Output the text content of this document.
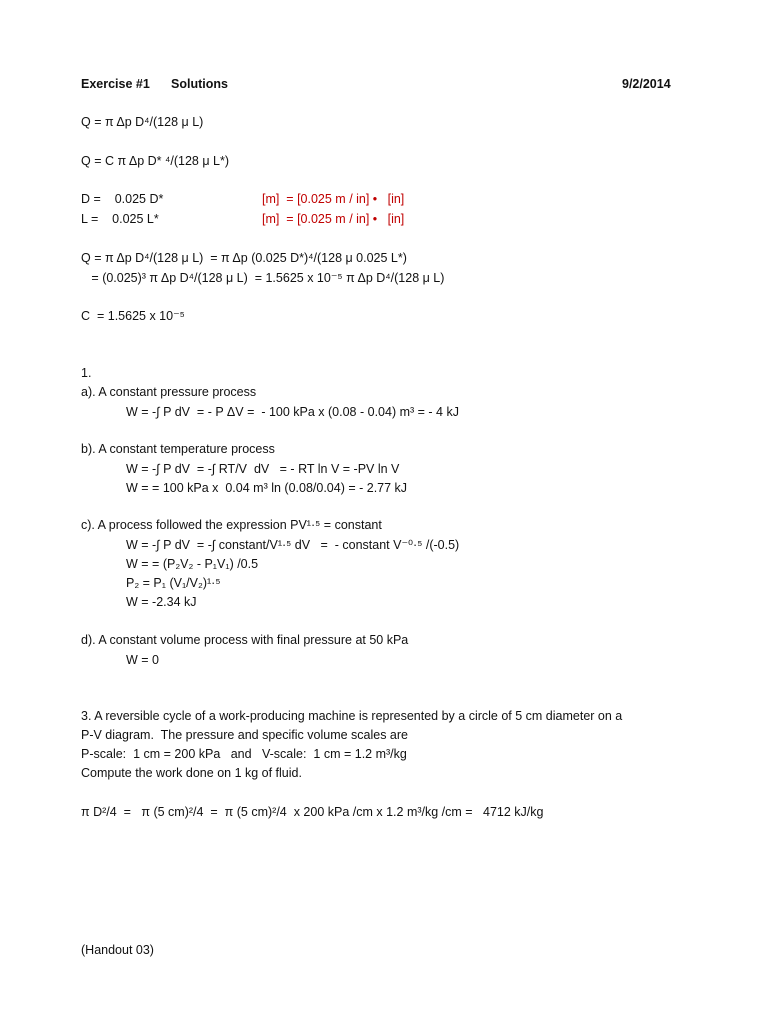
Exercise #1 Solutions	9/2/2014
Q = π Δp D⁴/(128 μ L)
Q = C π Δp D* ⁴/(128 μ L*)
D =    0.025 D*	[m]  = [0.025 m / in] •   [in]
L =    0.025 L*	[m]  = [0.025 m / in] •   [in]
Q = π Δp D⁴/(128 μ L)  = π Δp (0.025 D*)⁴/(128 μ 0.025 L*)
= (0.025)³ π Δp D⁴/(128 μ L)  = 1.5625 x 10⁻⁵ π Δp D⁴/(128 μ L)
C  = 1.5625 x 10⁻⁵
1.
a). A constant pressure process
W = -∫ P dV  = - P ΔV =  - 100 kPa x (0.08 - 0.04) m³ = - 4 kJ
b). A constant temperature process
W = -∫ P dV  = -∫ RT/V  dV   = - RT ln V = -PV ln V
W = = 100 kPa x  0.04 m³ ln (0.08/0.04) = - 2.77 kJ
c). A process followed the expression PV¹·⁵ = constant
W = -∫ P dV  = -∫ constant/V¹·⁵ dV   =  - constant V⁻⁰·⁵ /(-0.5)
W = = (P₂V₂ - P₁V₁) /0.5
P₂ = P₁ (V₁/V₂)¹·⁵
W = -2.34 kJ
d). A constant volume process with final pressure at 50 kPa
W = 0
3. A reversible cycle of a work-producing machine is represented by a circle of 5 cm diameter on a
P-V diagram.  The pressure and specific volume scales are
P-scale:  1 cm = 200 kPa   and   V-scale:  1 cm = 1.2 m³/kg
Compute the work done on 1 kg of fluid.
π D²/4  =   π (5 cm)²/4  =  π (5 cm)²/4  x 200 kPa /cm x 1.2 m³/kg /cm =   4712 kJ/kg
(Handout 03)
